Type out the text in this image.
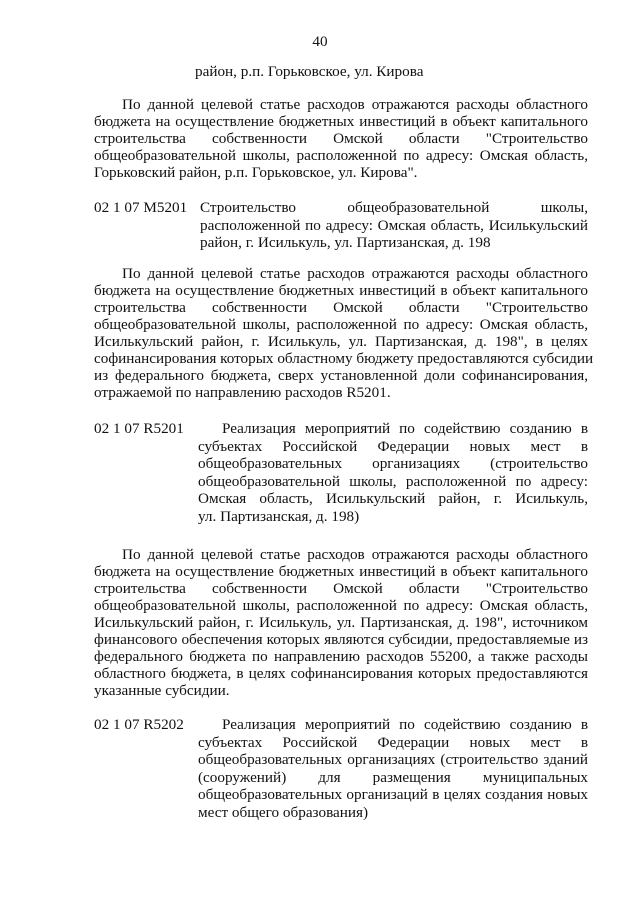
40
район, р.п. Горьковское, ул. Кирова
По данной целевой статье расходов отражаются расходы областного
бюджета на осуществление бюджетных инвестиций в объект капитального
строительства собственности Омской области "Строительство
общеобразовательной школы, расположенной по адресу: Омская область,
Горьковский район, р.п. Горьковское, ул. Кирова".
02 1 07 M5201 Строительство общеобразовательной школы,
расположенной по адресу: Омская область, Исилькульский
район, г. Исилькуль, ул. Партизанская, д. 198
По данной целевой статье расходов отражаются расходы областного
бюджета на осуществление бюджетных инвестиций в объект капитального
строительства собственности Омской области "Строительство
общеобразовательной школы, расположенной по адресу: Омская область,
Исилькульский район, г. Исилькуль, ул. Партизанская, д. 198", в целях
софинансирования которых областному бюджету предоставляются субсидии
из федерального бюджета, сверх установленной доли софинансирования,
отражаемой по направлению расходов R5201.
02 1 07 R5201	Реализация мероприятий по содействию созданию в
субъектах Российской Федерации новых мест в
общеобразовательных организациях (строительство
общеобразовательной школы, расположенной по адресу:
Омская область, Исилькульский район, г. Исилькуль,
ул. Партизанская, д. 198)
По данной целевой статье расходов отражаются расходы областного
бюджета на осуществление бюджетных инвестиций в объект капитального
строительства собственности Омской области "Строительство
общеобразовательной школы, расположенной по адресу: Омская область,
Исилькульский район, г. Исилькуль, ул. Партизанская, д. 198", источником
финансового обеспечения которых являются субсидии, предоставляемые из
федерального бюджета по направлению расходов 55200, а также расходы
областного бюджета, в целях софинансирования которых предоставляются
указанные субсидии.
02 1 07 R5202	Реализация мероприятий по содействию созданию в
субъектах Российской Федерации новых мест в
общеобразовательных организациях (строительство зданий
(сооружений) для размещения муниципальных
общеобразовательных организаций в целях создания новых
мест общего образования)
